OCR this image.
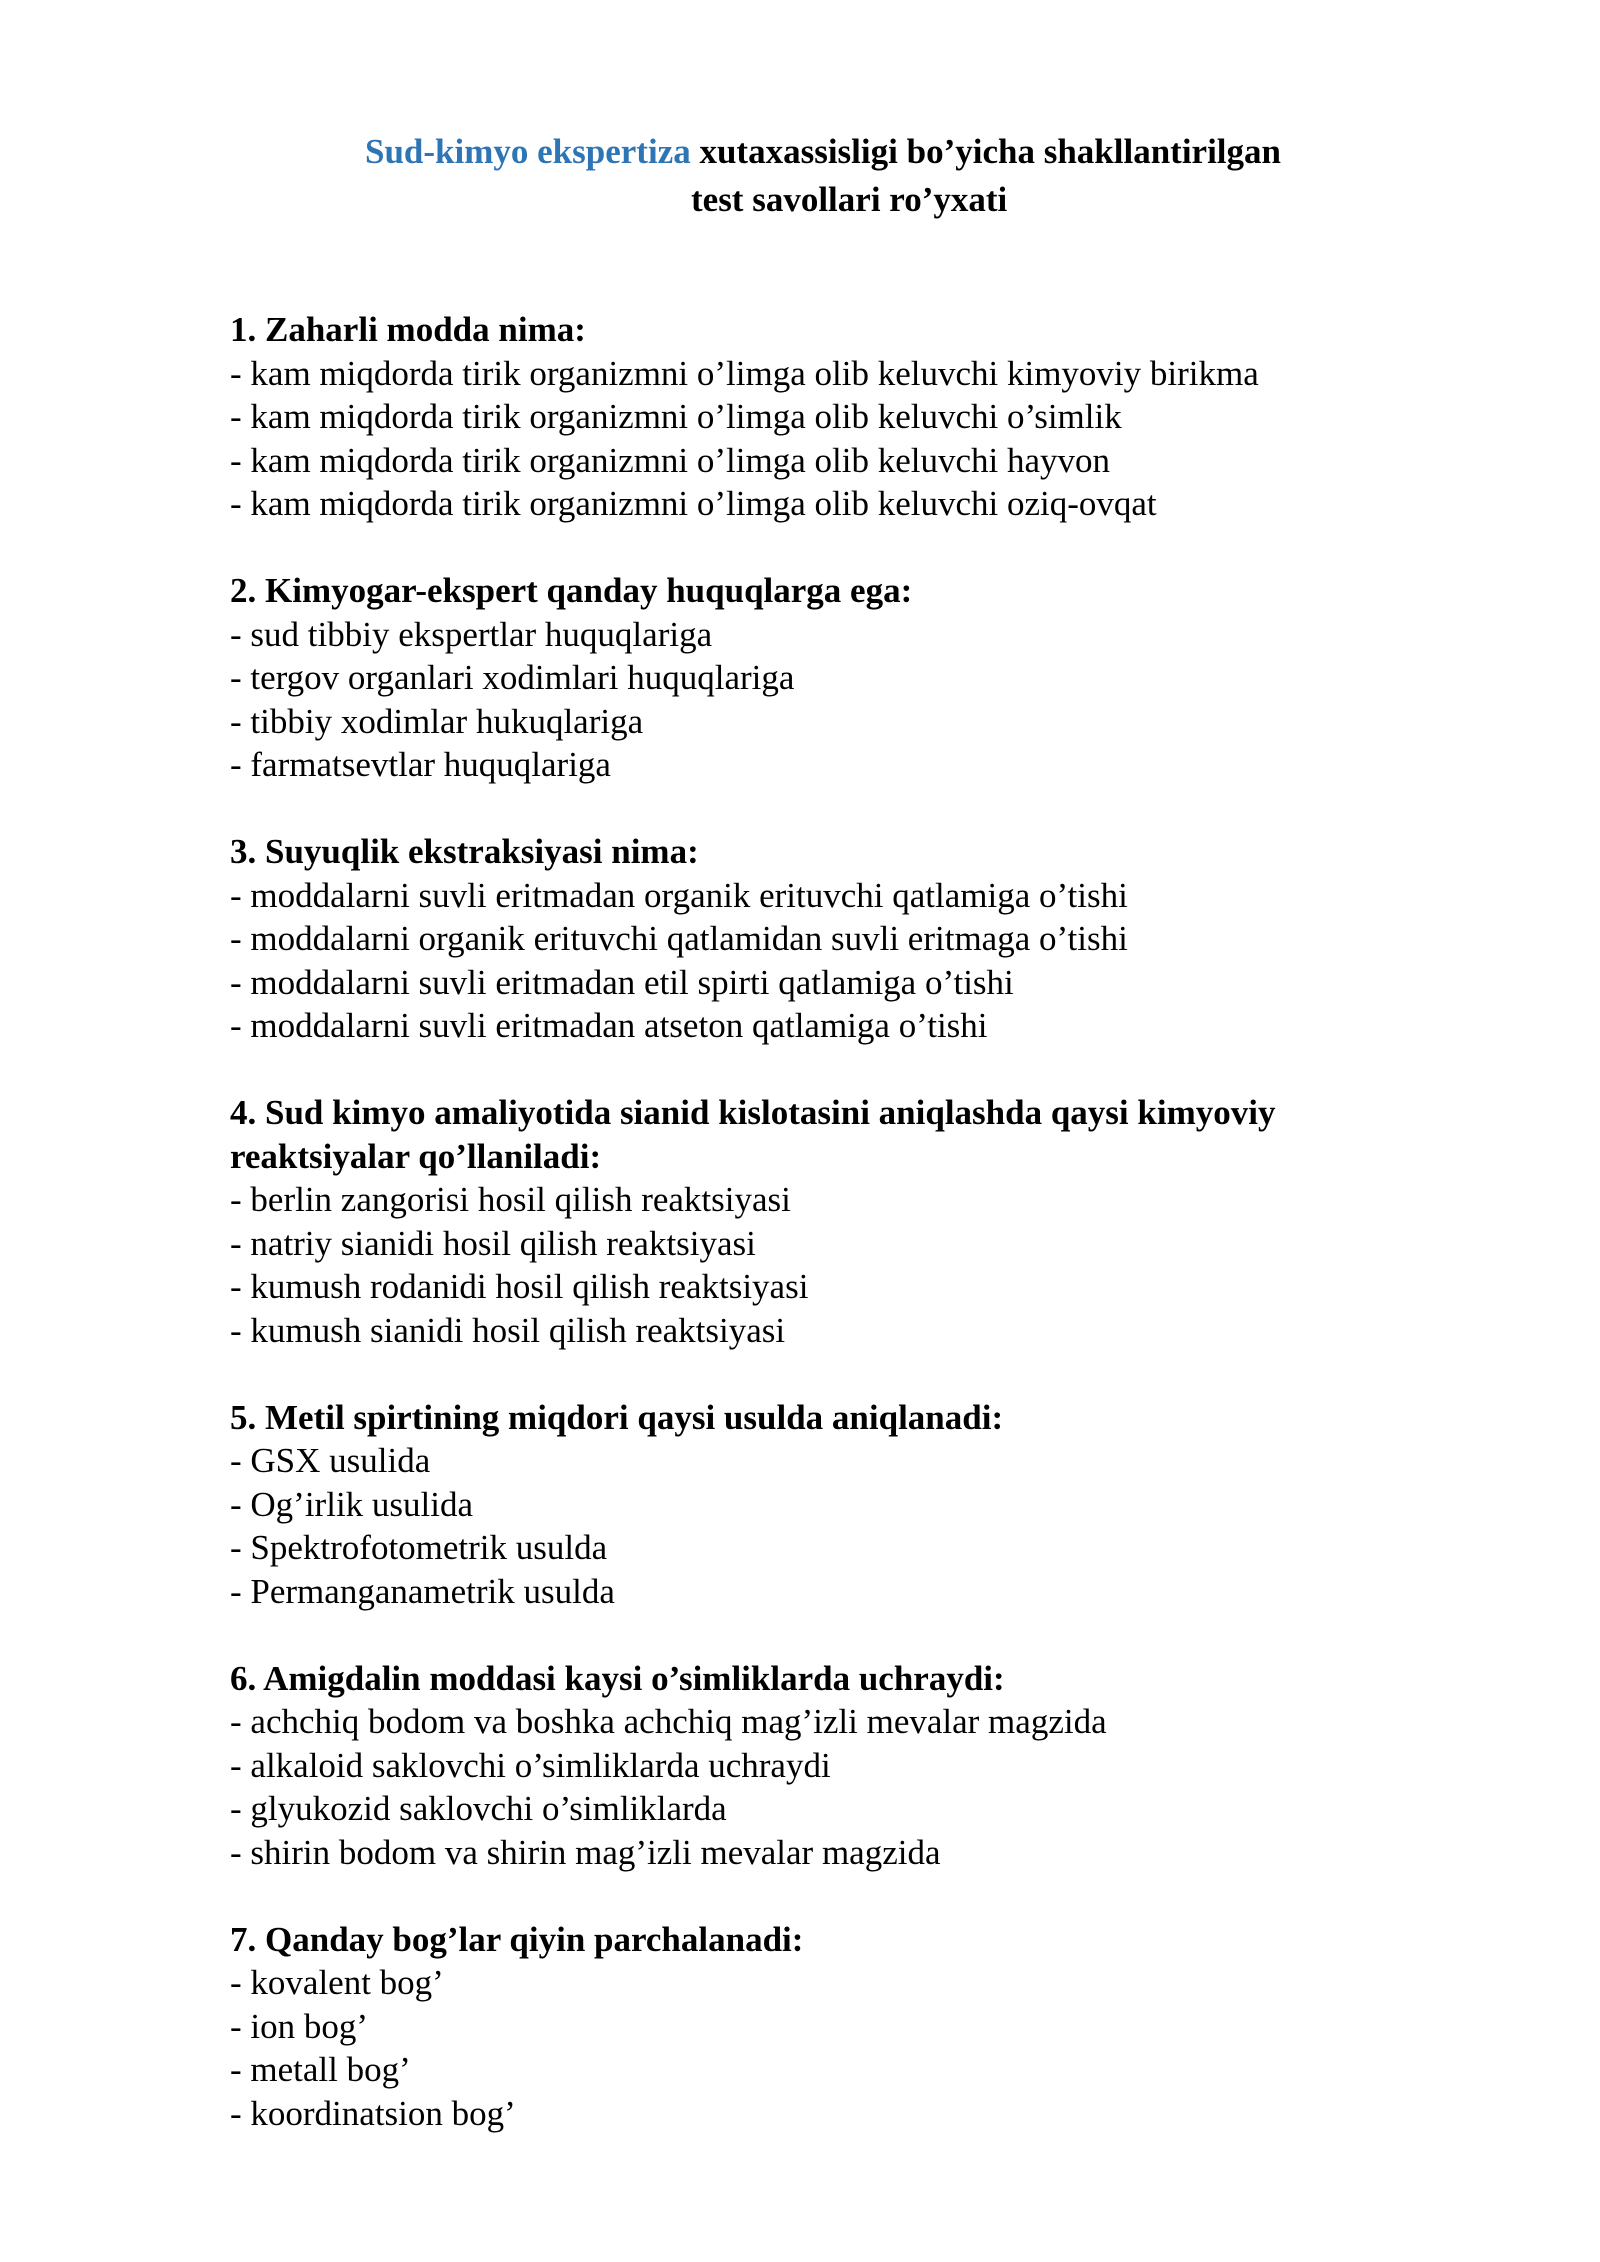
Sud-kimyo ekspertiza xutaxassisligi bo’yicha shakllantirilgan
test savollari ro’yxati
1. Zaharli modda nima:
- kam miqdorda tirik organizmni o’limga olib keluvchi kimyoviy birikma
- kam miqdorda tirik organizmni o’limga olib keluvchi o’simlik
- kam miqdorda tirik organizmni o’limga olib keluvchi hayvon
- kam miqdorda tirik organizmni o’limga olib keluvchi oziq-ovqat
2. Kimyogar-ekspert qanday huquqlarga ega:
- sud tibbiy ekspertlar huquqlariga
- tergov organlari xodimlari huquqlariga
- tibbiy xodimlar hukuqlariga
- farmatsevtlar huquqlariga
3. Suyuqlik ekstraksiyasi nima:
- moddalarni suvli eritmadan organik erituvchi qatlamiga o’tishi
- moddalarni organik erituvchi qatlamidan suvli eritmaga o’tishi
- moddalarni suvli eritmadan etil spirti qatlamiga o’tishi
- moddalarni suvli eritmadan atseton qatlamiga o’tishi
4. Sud kimyo amaliyotida sianid kislotasini aniqlashda qaysi kimyoviy reaktsiyalar qo’llaniladi:
- berlin zangorisi hosil qilish reaktsiyasi
- natriy sianidi hosil qilish reaktsiyasi
- kumush rodanidi hosil qilish reaktsiyasi
- kumush sianidi hosil qilish reaktsiyasi
5. Metil spirtining miqdori qaysi usulda aniqlanadi:
- GSX usulida
- Og’irlik usulida
- Spektrofotometrik usulda
- Permanganametrik usulda
6. Amigdalin moddasi kaysi o’simliklarda uchraydi:
- achchiq bodom va boshka achchiq mag’izli mevalar magzida
- alkaloid saklovchi o’simliklarda uchraydi
- glyukozid saklovchi o’simliklarda
- shirin bodom va shirin mag’izli mevalar magzida
7. Qanday bog’lar qiyin parchalanadi:
- kovalent bog’
- ion bog’
- metall bog’
- koordinatsion bog’
